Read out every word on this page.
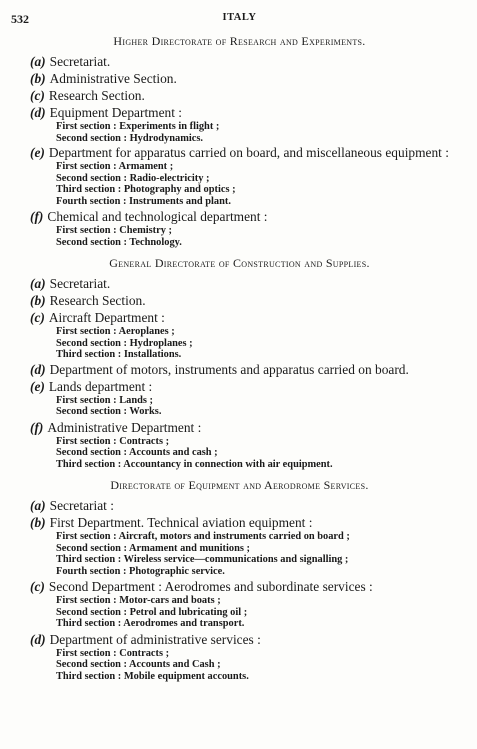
532	ITALY
Higher Directorate of Research and Experiments.
(a) Secretariat.
(b) Administrative Section.
(c) Research Section.
(d) Equipment Department :
First section : Experiments in flight ;
Second section : Hydrodynamics.
(e) Department for apparatus carried on board, and miscellaneous equipment :
First section : Armament ;
Second section : Radio-electricity ;
Third section : Photography and optics ;
Fourth section : Instruments and plant.
(f) Chemical and technological department :
First section : Chemistry ;
Second section : Technology.
General Directorate of Construction and Supplies.
(a) Secretariat.
(b) Research Section.
(c) Aircraft Department :
First section : Aeroplanes ;
Second section : Hydroplanes ;
Third section : Installations.
(d) Department of motors, instruments and apparatus carried on board.
(e) Lands department :
First section : Lands ;
Second section : Works.
(f) Administrative Department :
First section : Contracts ;
Second section : Accounts and cash ;
Third section : Accountancy in connection with air equipment.
Directorate of Equipment and Aerodrome Services.
(a) Secretariat :
(b) First Department. Technical aviation equipment :
First section : Aircraft, motors and instruments carried on board ;
Second section : Armament and munitions ;
Third section : Wireless service—communications and signalling ;
Fourth section : Photographic service.
(c) Second Department : Aerodromes and subordinate services :
First section : Motor-cars and boats ;
Second section : Petrol and lubricating oil ;
Third section : Aerodromes and transport.
(d) Department of administrative services :
First section : Contracts ;
Second section : Accounts and Cash ;
Third section : Mobile equipment accounts.
